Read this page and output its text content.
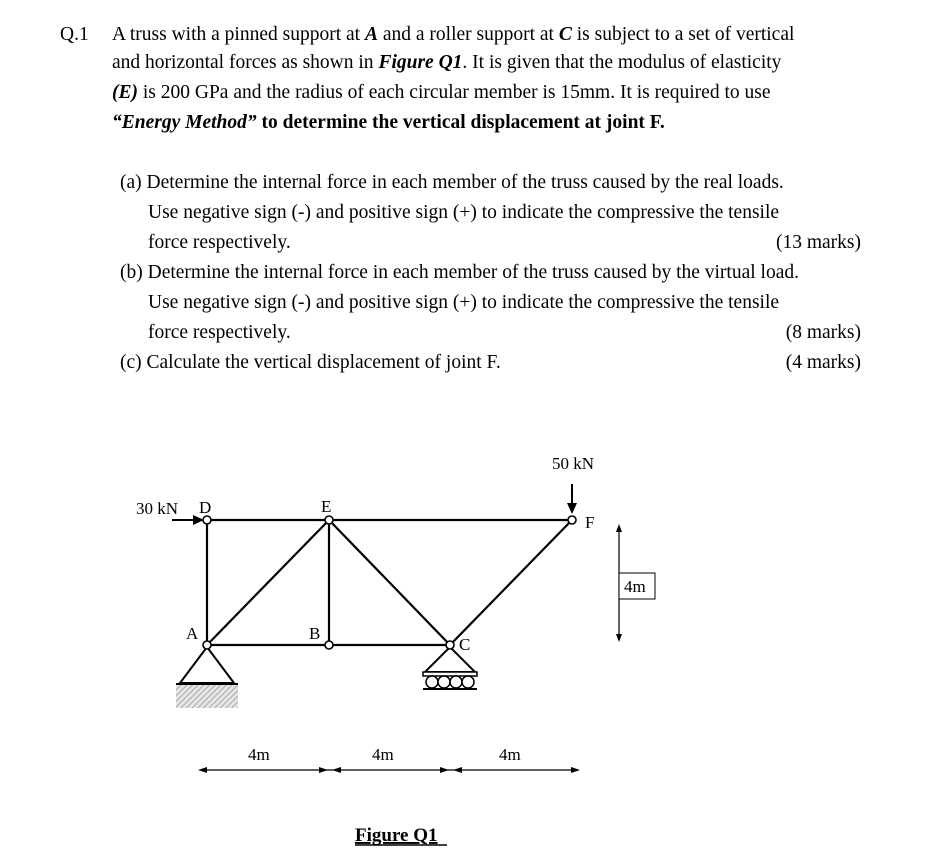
Q.1 A truss with a pinned support at A and a roller support at C is subject to a set of vertical
and horizontal forces as shown in Figure Q1. It is given that the modulus of elasticity
(E) is 200 GPa and the radius of each circular member is 15mm. It is required to use
“Energy Method” to determine the vertical displacement at joint F.
(a) Determine the internal force in each member of the truss caused by the real loads.
Use negative sign (-) and positive sign (+) to indicate the compressive the tensile
force respectively.	(13 marks)
(b) Determine the internal force in each member of the truss caused by the virtual load.
Use negative sign (-) and positive sign (+) to indicate the compressive the tensile
force respectively.	(8 marks)
(c) Calculate the vertical displacement of joint F.	(4 marks)
D	E
F
A	B
C
30 kN
50 kN
4m
4m	4m	4m
Figure Q1
